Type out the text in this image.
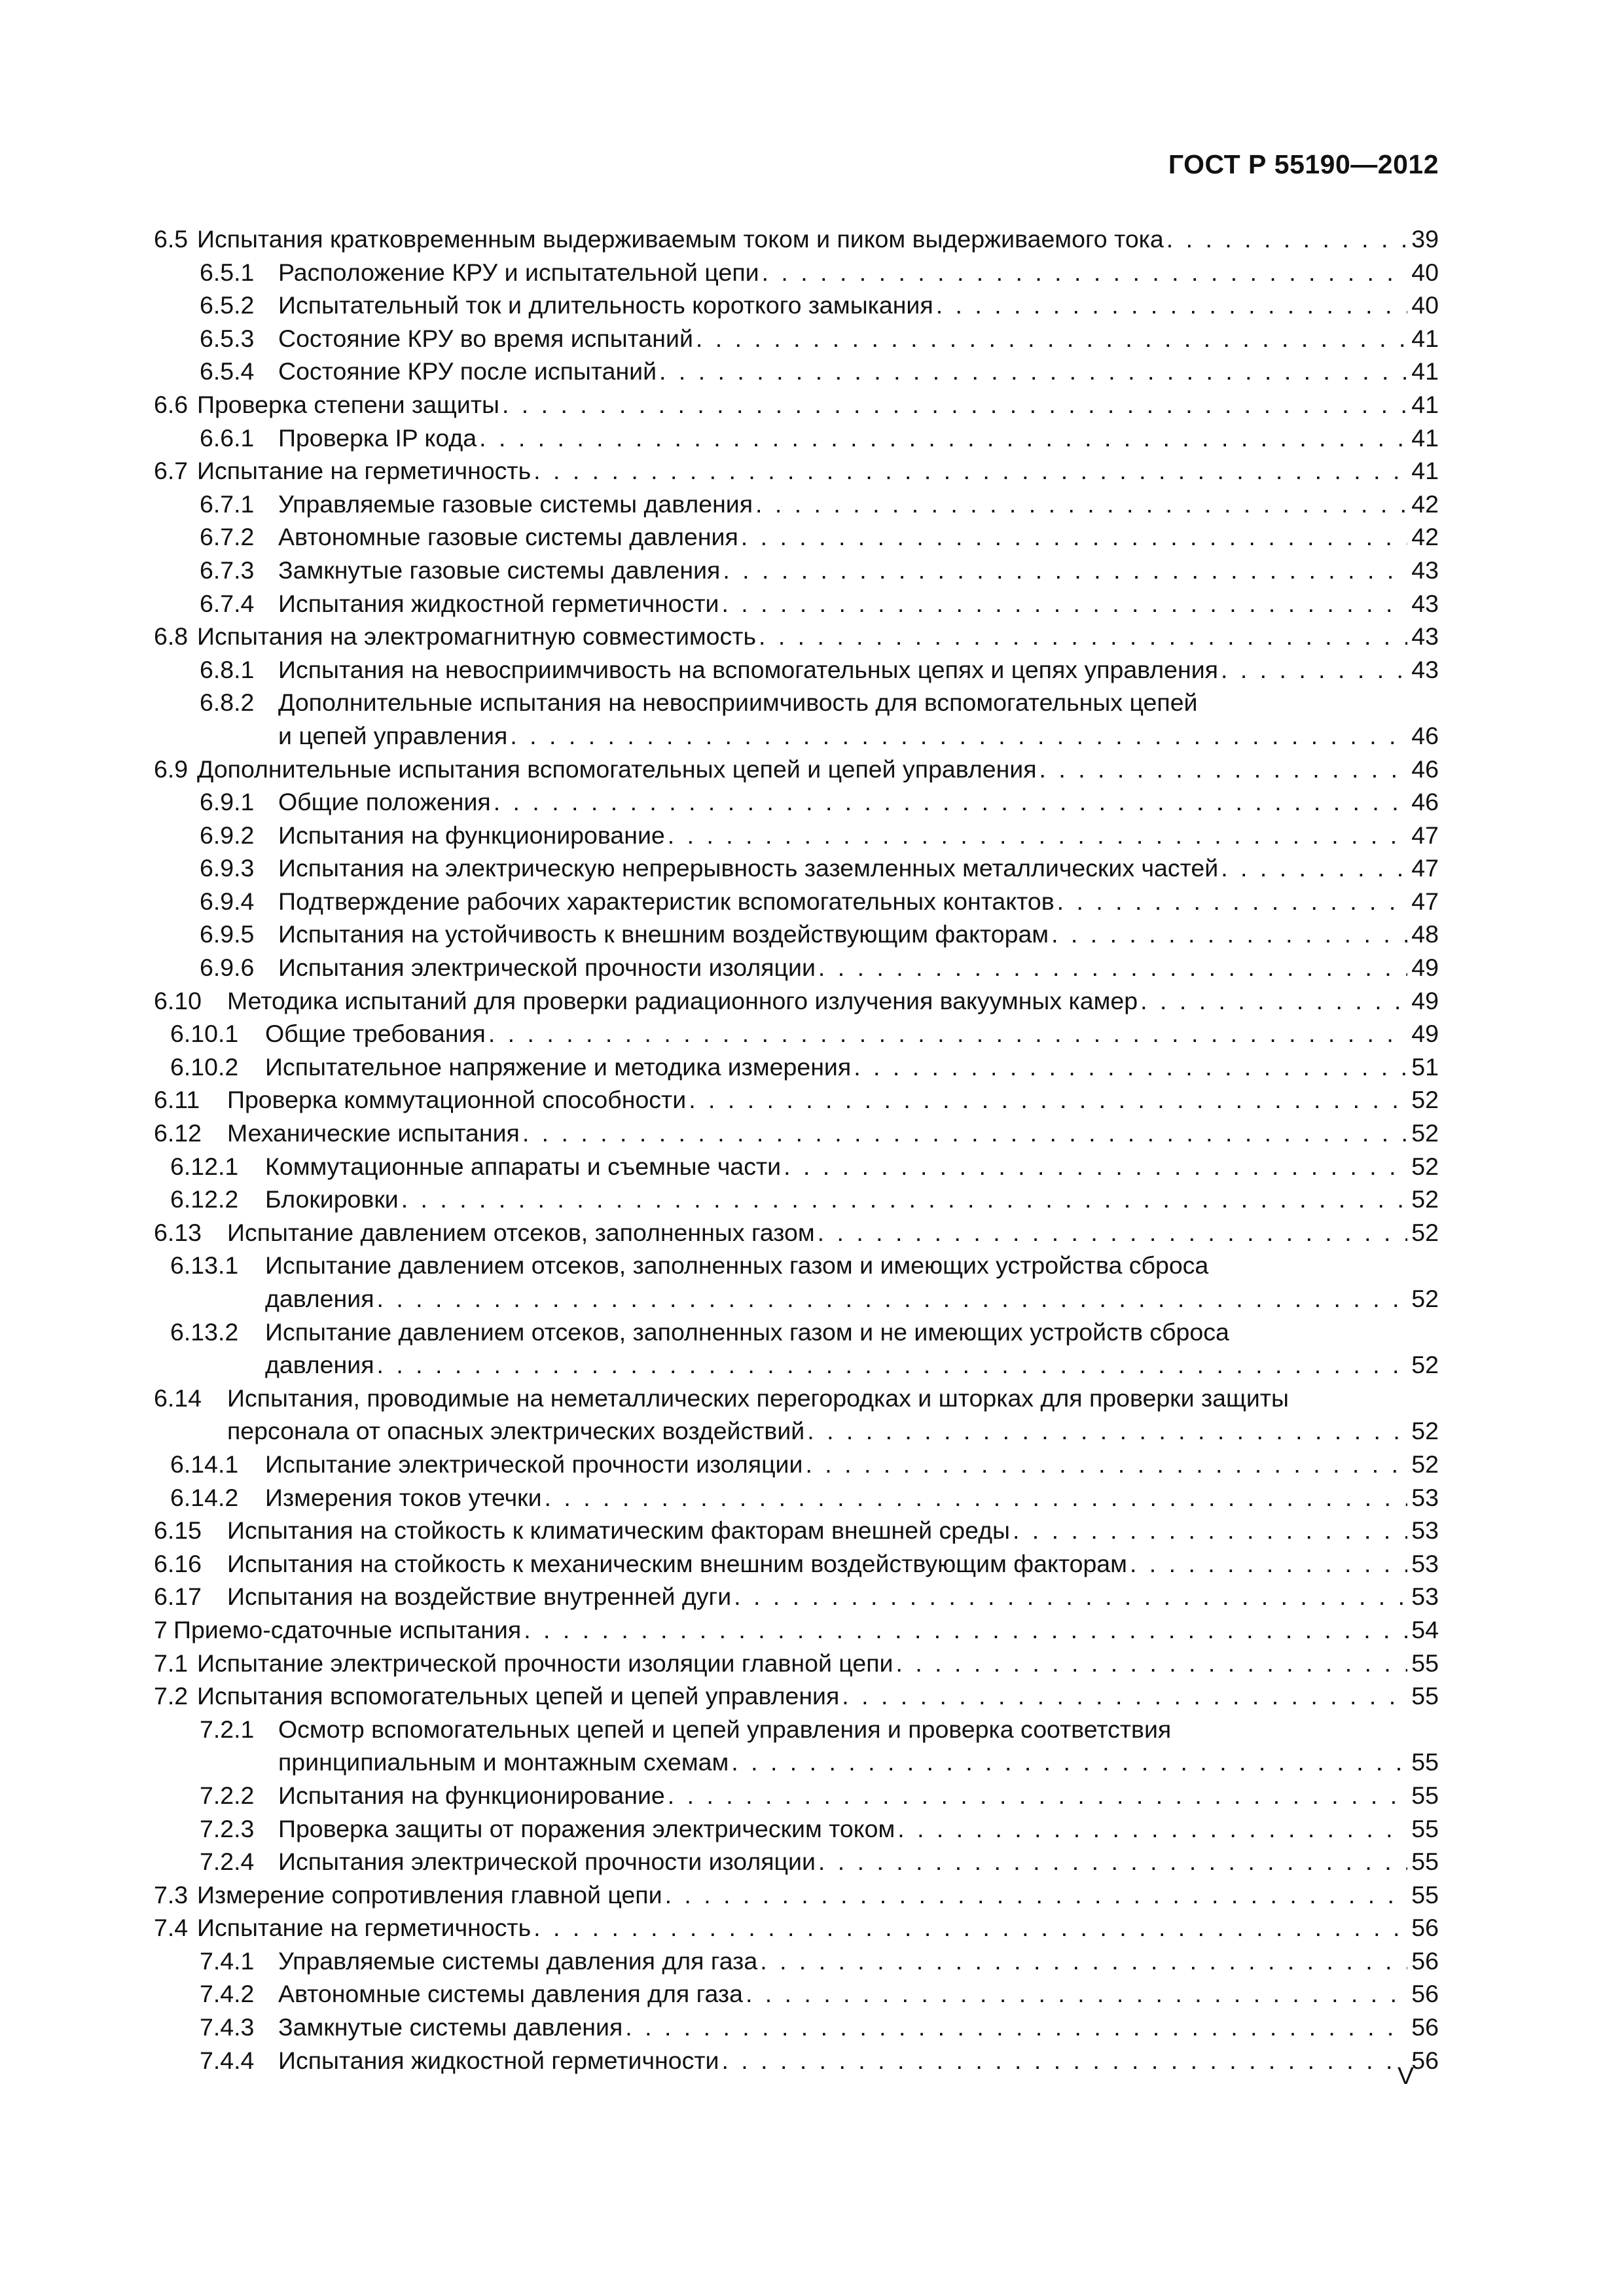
ГОСТ Р 55190—2012
6.5 Испытания кратковременным выдерживаемым током и пиком выдерживаемого тока . . .	39
6.5.1 Расположение КРУ и испытательной цепи . . .	40
6.5.2 Испытательный ток и длительность короткого замыкания . . .	40
6.5.3 Состояние КРУ во время испытаний . . .	41
6.5.4 Состояние КРУ после испытаний . . .	41
6.6 Проверка степени защиты . . .	41
6.6.1 Проверка IP кода . . .	41
6.7 Испытание на герметичность . . .	41
6.7.1 Управляемые газовые системы давления . . .	42
6.7.2 Автономные газовые системы давления . . .	42
6.7.3 Замкнутые газовые системы давления . . .	43
6.7.4 Испытания жидкостной герметичности . . .	43
6.8 Испытания на электромагнитную совместимость . . .	43
6.8.1 Испытания на невосприимчивость на вспомогательных цепях и цепях управления . . .	43
6.8.2 Дополнительные испытания на невосприимчивость для вспомогательных цепей
и цепей управления . . .	46
6.9 Дополнительные испытания вспомогательных цепей и цепей управления . . .	46
6.9.1 Общие положения . . .	46
6.9.2 Испытания на функционирование . . .	47
6.9.3 Испытания на электрическую непрерывность заземленных металлических частей . . .	47
6.9.4 Подтверждение рабочих характеристик вспомогательных контактов . . .	47
6.9.5 Испытания на устойчивость к внешним воздействующим факторам . . .	48
6.9.6 Испытания электрической прочности изоляции . . .	49
6.10	Методика испытаний для проверки радиационного излучения вакуумных камер . . .	49
6.10.1	Общие требования . . .	49
6.10.2	Испытательное напряжение и методика измерения . . .	51
6.11	Проверка коммутационной способности . . .	52
6.12	Механические испытания . . .	52
6.12.1	Коммутационные аппараты и съемные части . . .	52
6.12.2	Блокировки . . .	52
6.13	Испытание давлением отсеков, заполненных газом . . .	52
6.13.1	Испытание давлением отсеков, заполненных газом и имеющих устройства сброса
давления . . .	52
6.13.2	Испытание давлением отсеков, заполненных газом и не имеющих устройств сброса
давления . . .	52
6.14	Испытания, проводимые на неметаллических перегородках и шторках для проверки защиты
персонала от опасных электрических воздействий . . .	52
6.14.1	Испытание электрической прочности изоляции . . .	52
6.14.2	Измерения токов утечки . . .	53
6.15	Испытания на стойкость к климатическим факторам внешней среды . . .	53
6.16	Испытания на стойкость к механическим внешним воздействующим факторам . . .	53
6.17	Испытания на воздействие внутренней дуги . . .	53
7 Приемо-сдаточные испытания . . .	54
7.1 Испытание электрической прочности изоляции главной цепи . . .	55
7.2 Испытания вспомогательных цепей и цепей управления . . .	55
7.2.1 Осмотр вспомогательных цепей и цепей управления и проверка соответствия
принципиальным и монтажным схемам . . .	55
7.2.2 Испытания на функционирование . . .	55
7.2.3 Проверка защиты от поражения электрическим током . . .	55
7.2.4 Испытания электрической прочности изоляции . . .	55
7.3 Измерение сопротивления главной цепи . . .	55
7.4 Испытание на герметичность . . .	56
7.4.1 Управляемые системы давления для газа . . .	56
7.4.2 Автономные системы давления для газа . . .	56
7.4.3 Замкнутые системы давления . . .	56
7.4.4 Испытания жидкостной герметичности . . .	56
V
